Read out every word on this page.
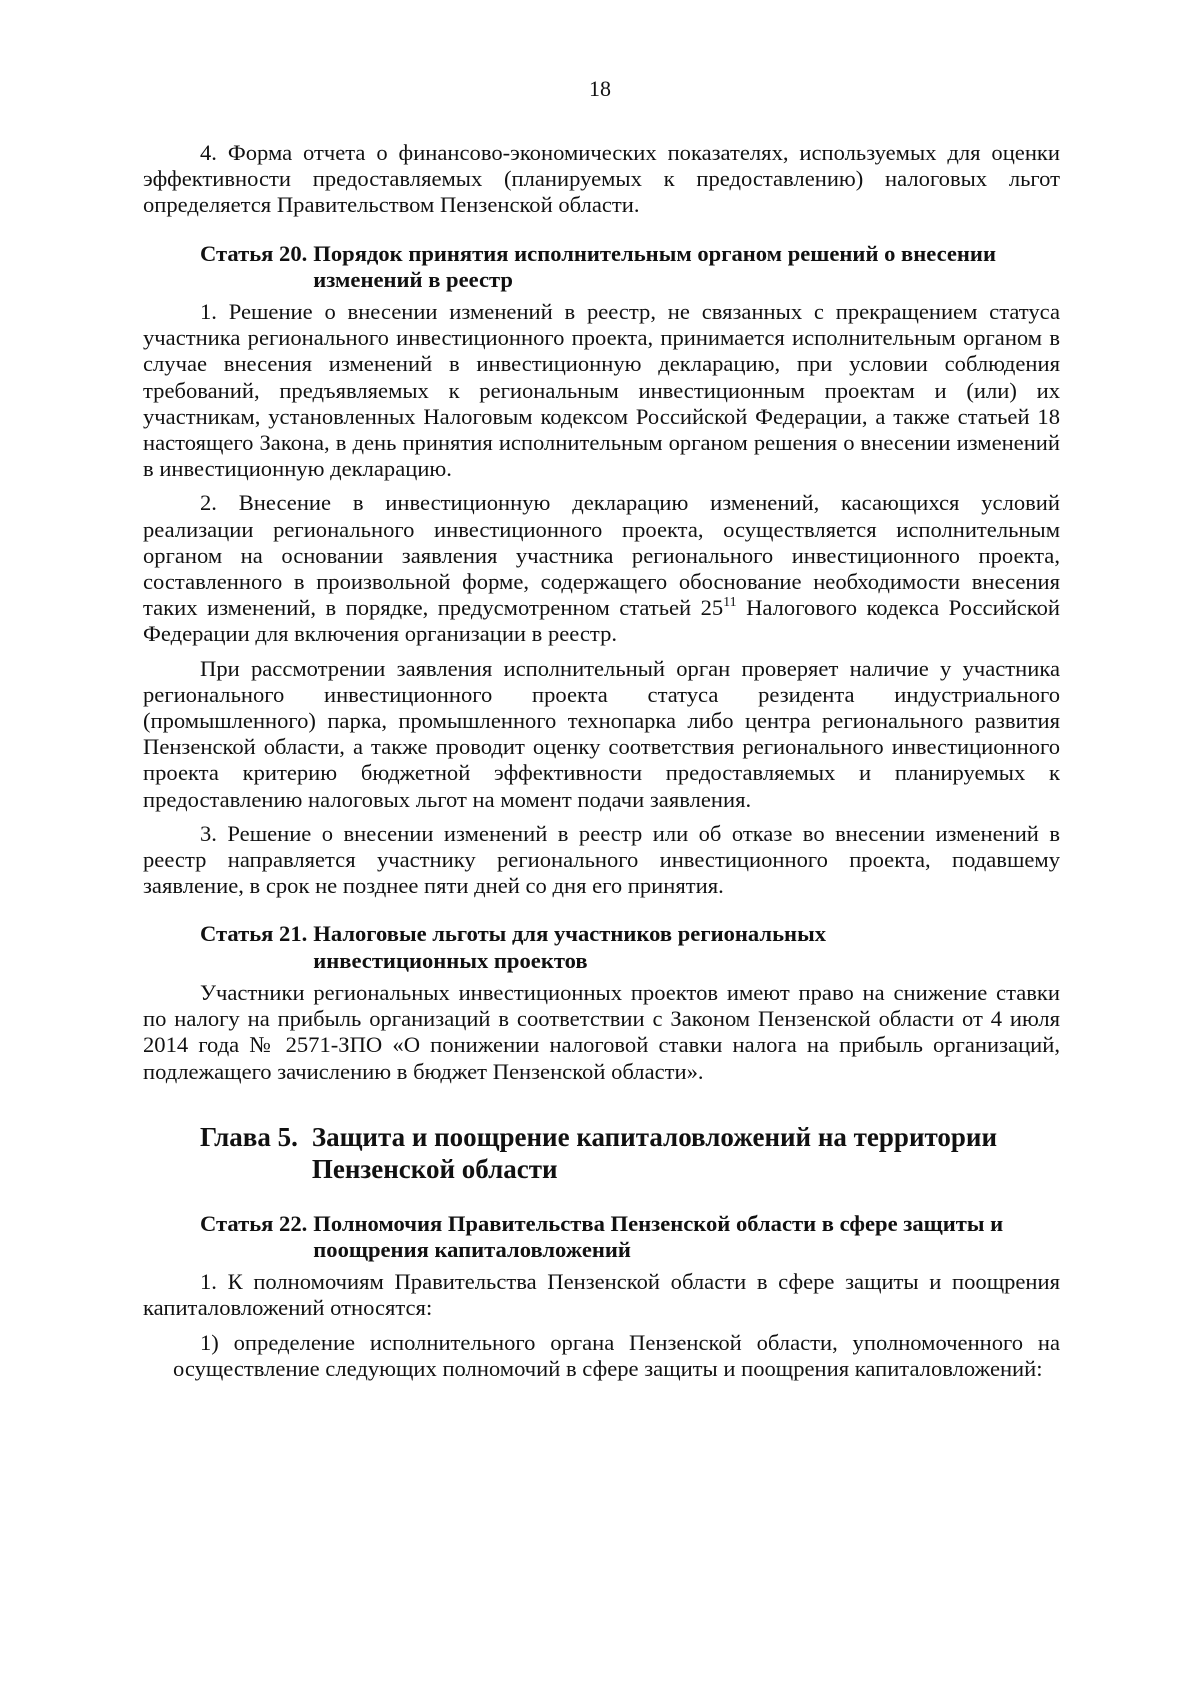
18

4. Форма отчета о финансово-экономических показателях, используемых для оценки эффективности предоставляемых (планируемых к предоставлению) налоговых льгот определяется Правительством Пензенской области.

Статья 20. Порядок принятия исполнительным органом решений о внесении изменений в реестр

1. Решение о внесении изменений в реестр, не связанных с прекращением статуса участника регионального инвестиционного проекта, принимается исполнительным органом в случае внесения изменений в инвестиционную декларацию, при условии соблюдения требований, предъявляемых к региональным инвестиционным проектам и (или) их участникам, установленных Налоговым кодексом Российской Федерации, а также статьей 18 настоящего Закона, в день принятия исполнительным органом решения о внесении изменений в инвестиционную декларацию.

2. Внесение в инвестиционную декларацию изменений, касающихся условий реализации регионального инвестиционного проекта, осуществляется исполнительным органом на основании заявления участника регионального инвестиционного проекта, составленного в произвольной форме, содержащего обоснование необходимости внесения таких изменений, в порядке, предусмотренном статьей $25^{11}$ Налогового кодекса Российской Федерации для включения организации в реестр.

При рассмотрении заявления исполнительный орган проверяет наличие у участника регионального инвестиционного проекта статуса резидента индустриального (промышленного) парка, промышленного технопарка либо центра регионального развития Пензенской области, а также проводит оценку соответствия регионального инвестиционного проекта критерию бюджетной эффективности предоставляемых и планируемых к предоставлению налоговых льгот на момент подачи заявления.

3. Решение о внесении изменений в реестр или об отказе во внесении изменений в реестр направляется участнику регионального инвестиционного проекта, подавшему заявление, в срок не позднее пяти дней со дня его принятия.

Статья 21. Налоговые льготы для участников региональных инвестиционных проектов

Участники региональных инвестиционных проектов имеют право на снижение ставки по налогу на прибыль организаций в соответствии с Законом Пензенской области от 4 июля 2014 года № 2571-ЗПО «О понижении налоговой ставки налога на прибыль организаций, подлежащего зачислению в бюджет Пензенской области».

Глава 5. Защита и поощрение капиталовложений на территории Пензенской области
Статья 22. Полномочия Правительства Пензенской области в сфере защиты и поощрения капиталовложений

1. К полномочиям Правительства Пензенской области в сфере защиты и поощрения капиталовложений относятся:

1) определение исполнительного органа Пензенской области, уполномоченного на осуществление следующих полномочий в сфере защиты и поощрения капиталовложений:
